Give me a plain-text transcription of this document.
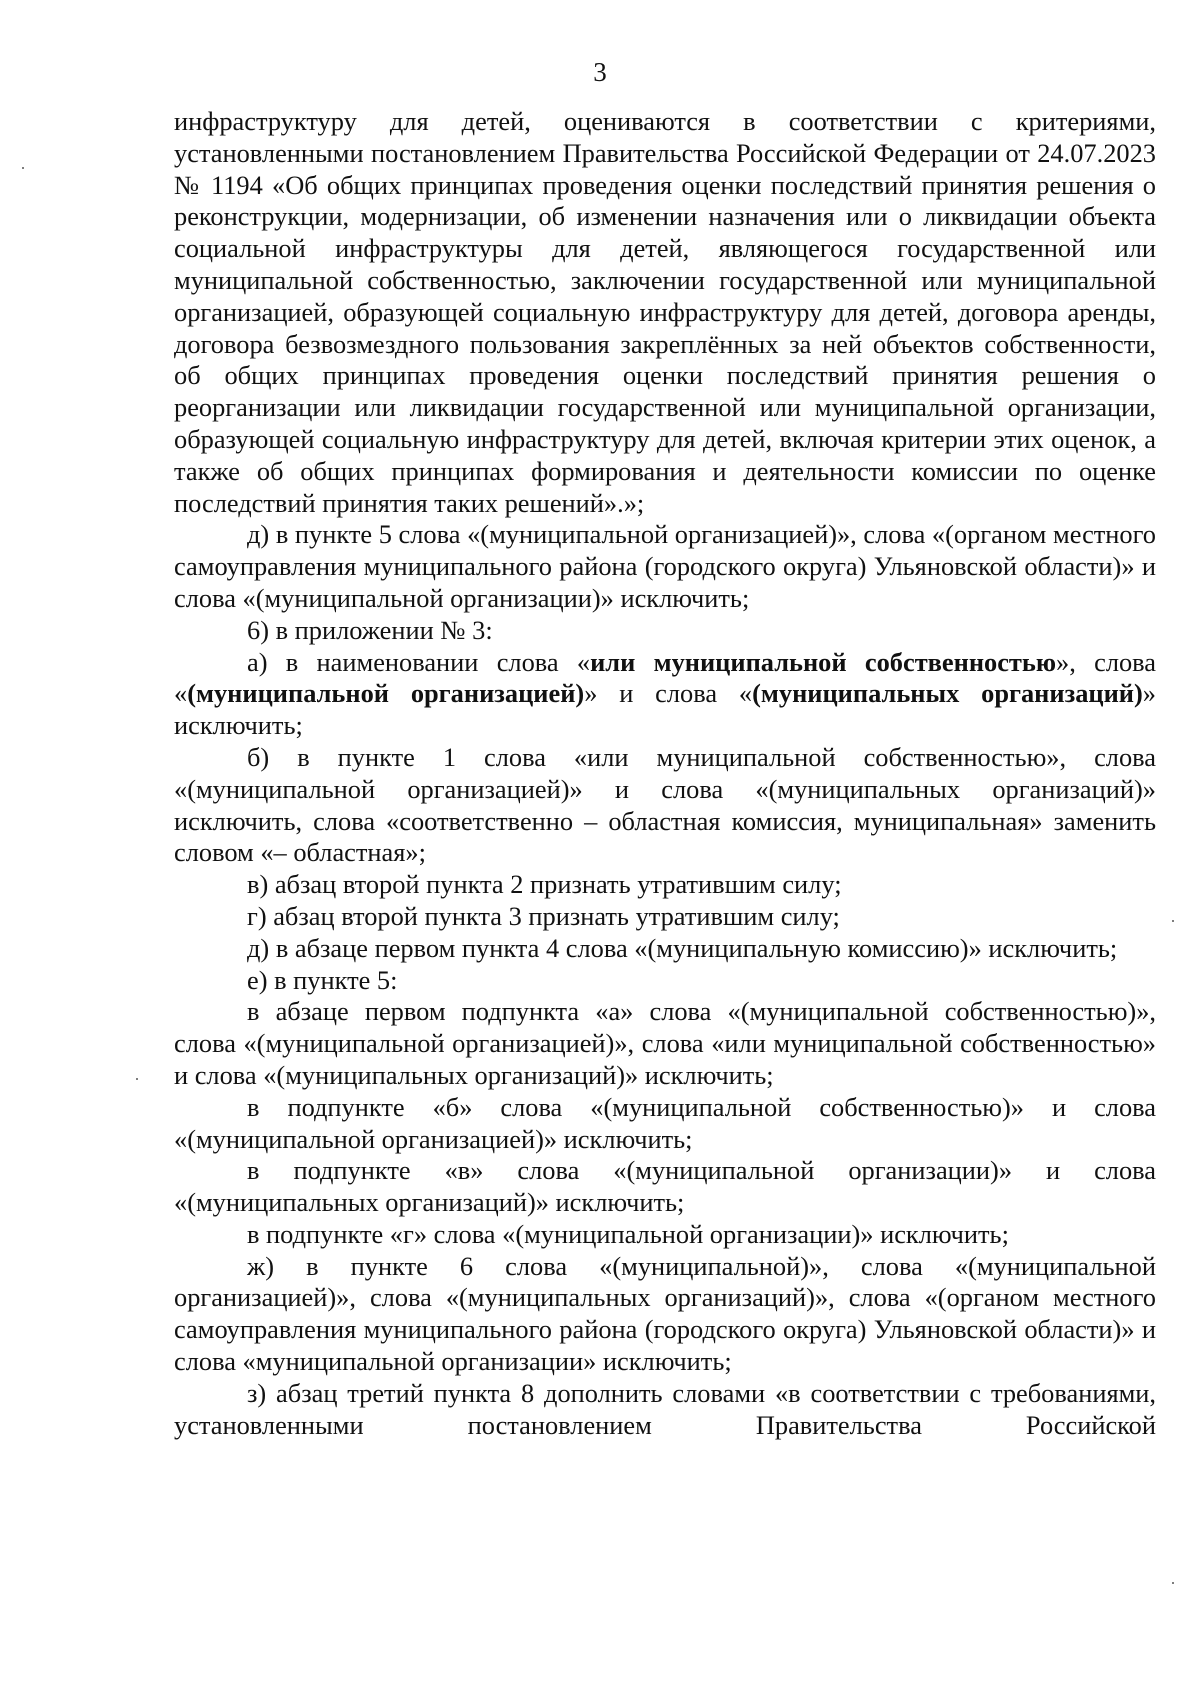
3

инфраструктуру для детей, оцениваются в соответствии с критериями, установленными постановлением Правительства Российской Федерации от 24.07.2023 № 1194 «Об общих принципах проведения оценки последствий принятия решения о реконструкции, модернизации, об изменении назначения или о ликвидации объекта социальной инфраструктуры для детей, являющегося государственной или муниципальной собственностью, заключении государственной или муниципальной организацией, образующей социальную инфраструктуру для детей, договора аренды, договора безвозмездного пользования закреплённых за ней объектов собственности, об общих принципах проведения оценки последствий принятия решения о реорганизации или ликвидации государственной или муниципальной организации, образующей социальную инфраструктуру для детей, включая критерии этих оценок, а также об общих принципах формирования и деятельности комиссии по оценке последствий принятия таких решений».»;

д) в пункте 5 слова «(муниципальной организацией)», слова «(органом местного самоуправления муниципального района (городского округа) Ульяновской области)» и слова «(муниципальной организации)» исключить;

6) в приложении № 3:

а) в наименовании слова «или муниципальной собственностью», слова «(муниципальной организацией)» и слова «(муниципальных организаций)» исключить;

б) в пункте 1 слова «или муниципальной собственностью», слова «(муниципальной организацией)» и слова «(муниципальных организаций)» исключить, слова «соответственно – областная комиссия, муниципальная» заменить словом «– областная»;

в) абзац второй пункта 2 признать утратившим силу;

г) абзац второй пункта 3 признать утратившим силу;

д) в абзаце первом пункта 4 слова «(муниципальную комиссию)» исключить;

е) в пункте 5:

в абзаце первом подпункта «а» слова «(муниципальной собственностью)», слова «(муниципальной организацией)», слова «или муниципальной собственностью» и слова «(муниципальных организаций)» исключить;

в подпункте «б» слова «(муниципальной собственностью)» и слова «(муниципальной организацией)» исключить;

в подпункте «в» слова «(муниципальной организации)» и слова «(муниципальных организаций)» исключить;

в подпункте «г» слова «(муниципальной организации)» исключить;

ж) в пункте 6 слова «(муниципальной)», слова «(муниципальной организацией)», слова «(муниципальных организаций)», слова «(органом местного самоуправления муниципального района (городского округа) Ульяновской области)» и слова «муниципальной организации» исключить;

з) абзац третий пункта 8 дополнить словами «в соответствии с требованиями, установленными постановлением Правительства Российской
